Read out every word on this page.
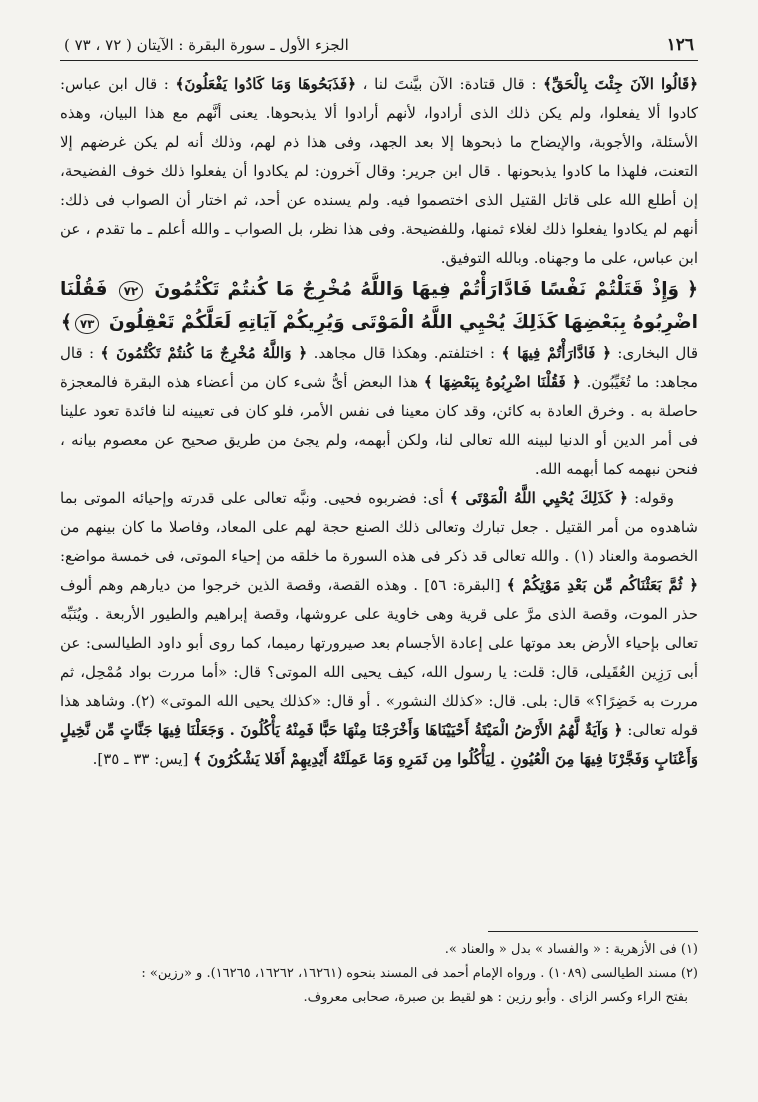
١٢٦
الجزء الأول ـ سورة البقرة : الآيتان ( ٧٢ ، ٧٣ )

﴿قَالُوا الآنَ جِئْتَ بِالْحَقِّ﴾ : قال قتادة: الآن بيَّنتَ لنا ، ﴿فَذَبَحُوهَا وَمَا كَادُوا يَفْعَلُونَ﴾ : قال ابن عباس: كادوا ألا يفعلوا، ولم يكن ذلك الذى أرادوا، لأنهم أرادوا ألا يذبحوها. يعنى أنَّهم مع هذا البيان، وهذه الأسئلة، والأجوبة، والإيضاح ما ذبحوها إلا بعد الجهد، وفى هذا ذم لهم، وذلك أنه لم يكن غرضهم إلا التعنت، فلهذا ما كادوا يذبحونها . قال ابن جرير: وقال آخرون: لم يكادوا أن يفعلوا ذلك خوف الفضيحة، إن أطلع الله على قاتل القتيل الذى اختصموا فيه. ولم يسنده عن أحد، ثم اختار أن الصواب فى ذلك: أنهم لم يكادوا يفعلوا ذلك لغلاء ثمنها، وللفضيحة. وفى هذا نظر، بل الصواب ـ والله أعلم ـ ما تقدم ، عن ابن عباس، على ما وجهناه. وبالله التوفيق.

﴿ وَإِذْ قَتَلْتُمْ نَفْسًا فَادَّارَأْتُمْ فِيهَا وَاللَّهُ مُخْرِجٌ مَا كُنتُمْ تَكْتُمُونَ ٧٢ فَقُلْنَا اضْرِبُوهُ بِبَعْضِهَا كَذَلِكَ يُحْيِي اللَّهُ الْمَوْتَى وَيُرِيكُمْ آيَاتِهِ لَعَلَّكُمْ تَعْقِلُونَ ٧٣﴾

قال البخارى: ﴿ فَادَّارَأْتُمْ فِيهَا ﴾ : اختلفتم. وهكذا قال مجاهد. ﴿ وَاللَّهُ مُخْرِجٌ مَا كُنتُمْ تَكْتُمُونَ ﴾ : قال مجاهد: ما تُغَيِّبُون. ﴿ فَقُلْنَا اضْرِبُوهُ بِبَعْضِهَا ﴾ هذا البعض أىُّ شىء كان من أعضاء هذه البقرة فالمعجزة حاصلة به . وخرق العادة به كائن، وقد كان معينا فى نفس الأمر، فلو كان فى تعيينه لنا فائدة تعود علينا فى أمر الدين أو الدنيا لبينه الله تعالى لنا، ولكن أبهمه، ولم يجئ من طريق صحيح عن معصوم بيانه ، فنحن نبهمه كما أبهمه الله.

وقوله: ﴿ كَذَلِكَ يُحْيِي اللَّهُ الْمَوْتَى ﴾ أى: فضربوه فحيى. ونبَّه تعالى على قدرته وإحيائه الموتى بما شاهدوه من أمر القتيل . جعل تبارك وتعالى ذلك الصنع حجة لهم على المعاد، وفاصلا ما كان بينهم من الخصومة والعناد (١) . والله تعالى قد ذكر فى هذه السورة ما خلقه من إحياء الموتى، فى خمسة مواضع: ﴿ ثُمَّ بَعَثْنَاكُم مِّن بَعْدِ مَوْتِكُمْ ﴾ [البقرة: ٥٦] . وهذه القصة، وقصة الذين خرجوا من ديارهم وهم ألوف حذر الموت، وقصة الذى مرَّ على قرية وهى خاوية على عروشها، وقصة إبراهيم والطيور الأربعة . ويُنَبِّه تعالى بإحياء الأرض بعد موتها على إعادة الأجسام بعد صيرورتها رميما، كما روى أبو داود الطيالسى: عن أبى رَزِين العُقَيلى، قال: قلت: يا رسول الله، كيف يحيى الله الموتى؟ قال: «أما مررت بواد مُمْحِل، ثم مررت به خَضِرًا؟» قال: بلى. قال: «كذلك النشور» . أو قال: «كذلك يحيى الله الموتى» (٢). وشاهد هذا قوله تعالى: ﴿ وَآيَةٌ لَّهُمُ الأَرْضُ الْمَيْتَةُ أَحْيَيْنَاهَا وَأَخْرَجْنَا مِنْهَا حَبًّا فَمِنْهُ يَأْكُلُونَ . وَجَعَلْنَا فِيهَا جَنَّاتٍ مِّن نَّخِيلٍ وَأَعْنَابٍ وَفَجَّرْنَا فِيهَا مِنَ الْعُيُونِ . لِيَأْكُلُوا مِن ثَمَرِهِ وَمَا عَمِلَتْهُ أَيْدِيهِمْ أَفَلا يَشْكُرُونَ ﴾ [يس: ٣٣ ـ ٣٥].

(١) فى الأزهرية : « والفساد » بدل « والعناد ».

(٢) مسند الطيالسى (١٠٨٩) . ورواه الإمام أحمد فى المسند بنحوه (١٦٢٦١، ١٦٢٦٢، ١٦٢٦٥). و «رزين» :

بفتح الراء وكسر الزاى . وأبو رزين : هو لقيط بن صبرة، صحابى معروف.
